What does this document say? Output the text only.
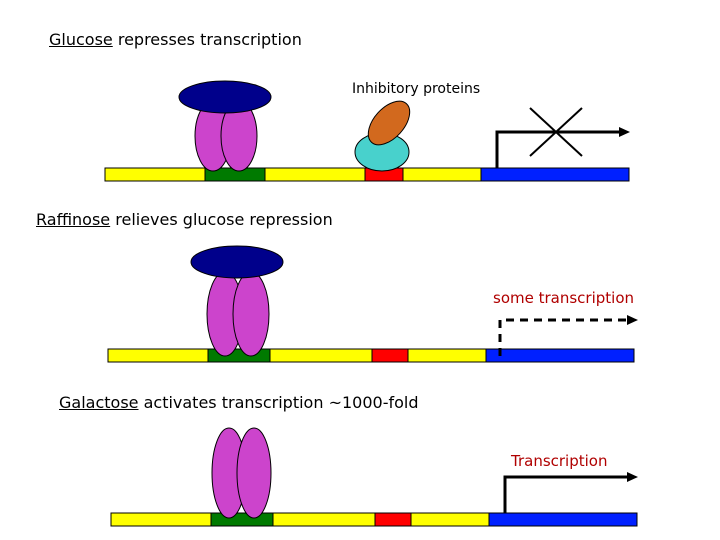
Glucose represses transcription
Inhibitory proteins
Raffinose relieves glucose repression
some transcription
Galactose activates transcription ~1000-fold
Transcription
